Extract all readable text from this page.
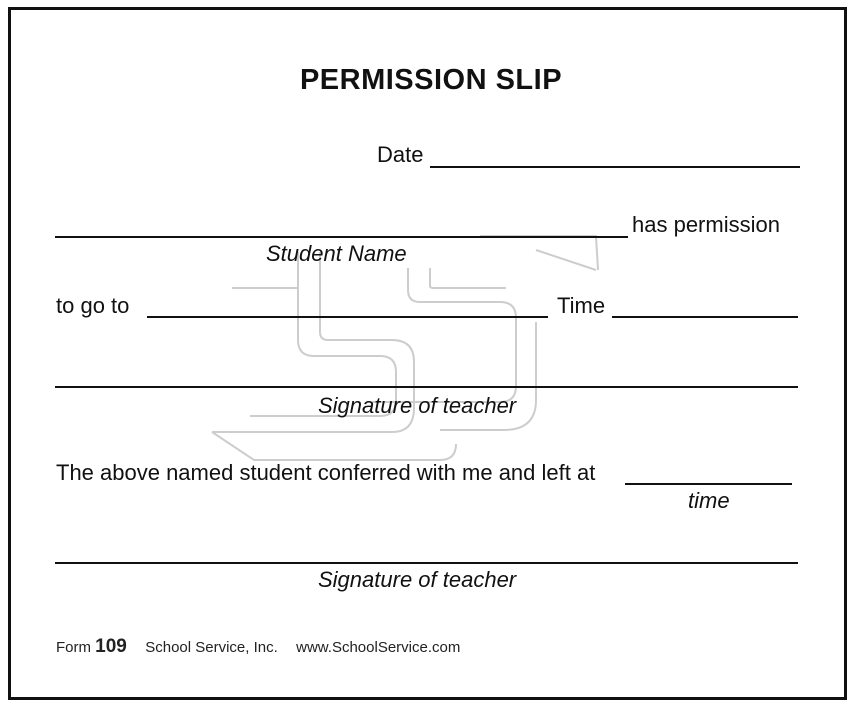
PERMISSION SLIP
Date
has permission
Student Name
to go to	Time
Signature of teacher
The above named student conferred with me and left at
time
Signature of teacher
Form 109 School Service, Inc. www.SchoolService.com
